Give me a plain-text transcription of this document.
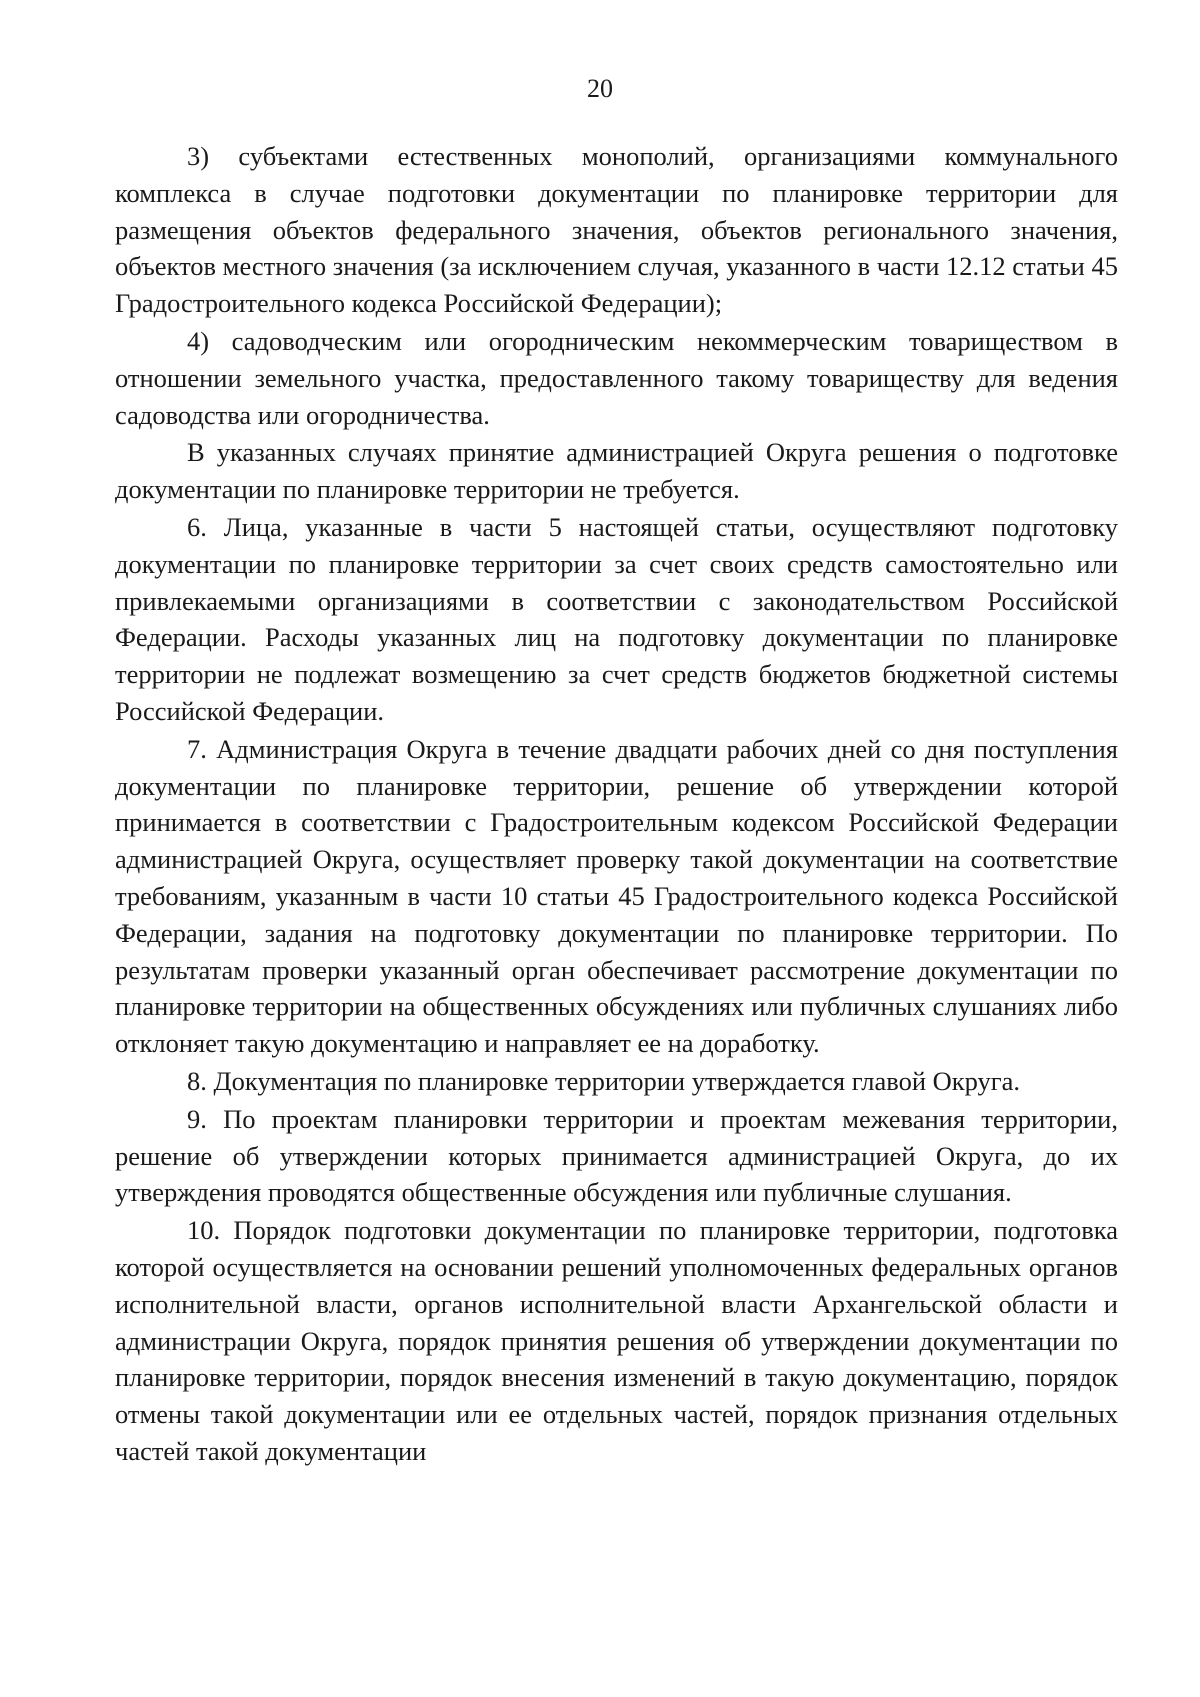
20

3) субъектами естественных монополий, организациями коммунального комплекса в случае подготовки документации по планировке территории для размещения объектов федерального значения, объектов регионального значения, объектов местного значения (за исключением случая, указанного в части 12.12 статьи 45 Градостроительного кодекса Российской Федерации);

4) садоводческим или огородническим некоммерческим товариществом в отношении земельного участка, предоставленного такому товариществу для ведения садоводства или огородничества.

В указанных случаях принятие администрацией Округа решения о подготовке документации по планировке территории не требуется.

6. Лица, указанные в части 5 настоящей статьи, осуществляют подготовку документации по планировке территории за счет своих средств самостоятельно или привлекаемыми организациями в соответствии с законодательством Российской Федерации. Расходы указанных лиц на подготовку документации по планировке территории не подлежат возмещению за счет средств бюджетов бюджетной системы Российской Федерации.

7. Администрация Округа в течение двадцати рабочих дней со дня поступления документации по планировке территории, решение об утверждении которой принимается в соответствии с Градостроительным кодексом Российской Федерации администрацией Округа, осуществляет проверку такой документации на соответствие требованиям, указанным в части 10 статьи 45 Градостроительного кодекса Российской Федерации, задания на подготовку документации по планировке территории. По результатам проверки указанный орган обеспечивает рассмотрение документации по планировке территории на общественных обсуждениях или публичных слушаниях либо отклоняет такую документацию и направляет ее на доработку.

8. Документация по планировке территории утверждается главой Округа.

9. По проектам планировки территории и проектам межевания территории, решение об утверждении которых принимается администрацией Округа, до их утверждения проводятся общественные обсуждения или публичные слушания.

10. Порядок подготовки документации по планировке территории, подготовка которой осуществляется на основании решений уполномоченных федеральных органов исполнительной власти, органов исполнительной власти Архангельской области и администрации Округа, порядок принятия решения об утверждении документации по планировке территории, порядок внесения изменений в такую документацию, порядок отмены такой документации или ее отдельных частей, порядок признания отдельных частей такой документации
